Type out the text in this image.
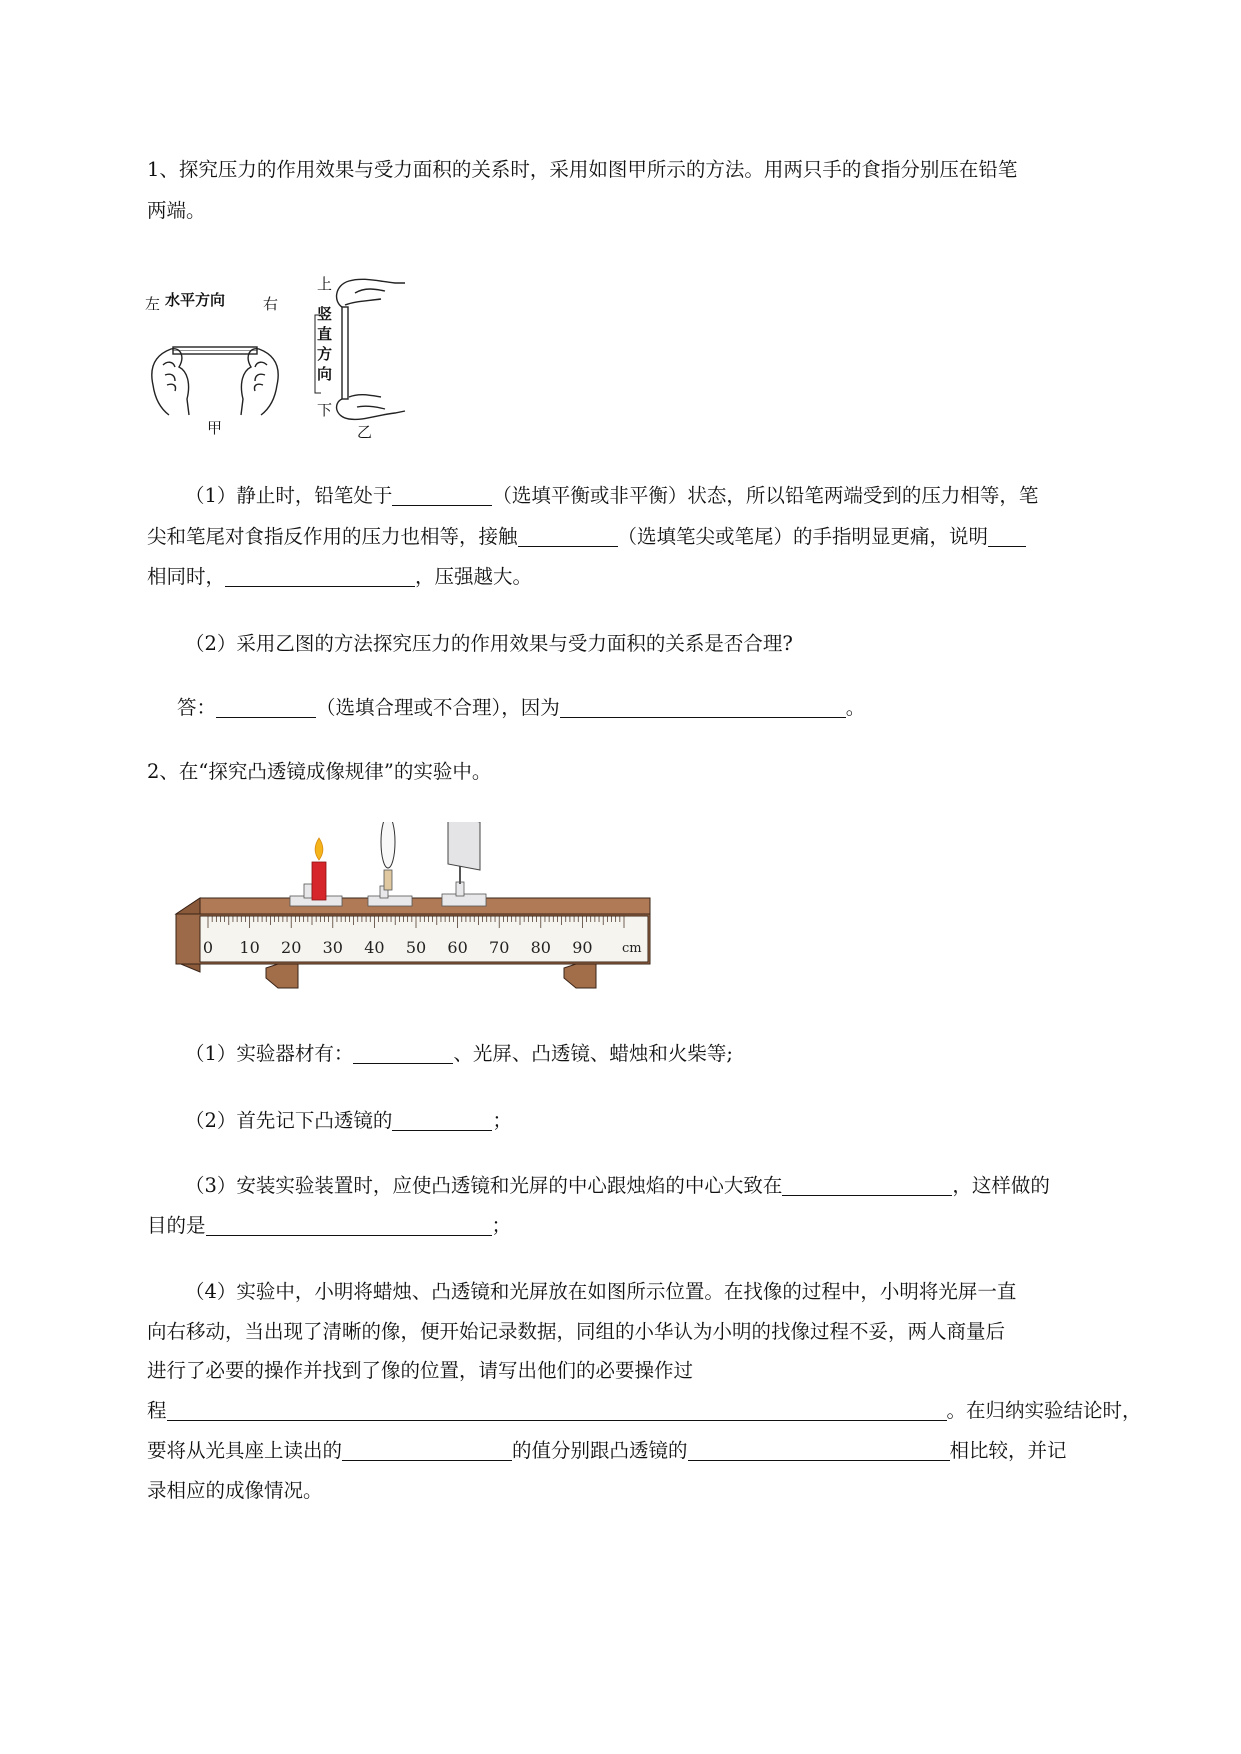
1、探究压力的作用效果与受力面积的关系时，采用如图甲所示的方法。用两只手的食指分别压在铅笔
两端。
左 水平方向	右
甲
上
竖
直
方
向
下
乙
（1）静止时，铅笔处于	（选填平衡或非平衡）状态，所以铅笔两端受到的压力相等，笔
尖和笔尾对食指反作用的压力也相等，接触	（选填笔尖或笔尾）的手指明显更痛，说明
相同时，	，压强越大。
（2）采用乙图的方法探究压力的作用效果与受力面积的关系是否合理?
答：	（选填合理或不合理），因为	。
2、在“探究凸透镜成像规律”的实验中。
0 10 20 30 40 50 60 70 80 90 cm
（1）实验器材有：	、光屏、凸透镜、蜡烛和火柴等;
（2）首先记下凸透镜的	；
（3）安装实验装置时，应使凸透镜和光屏的中心跟烛焰的中心大致在	，这样做的
目的是	；
（4）实验中，小明将蜡烛、凸透镜和光屏放在如图所示位置。在找像的过程中，小明将光屏一直
向右移动，当出现了清晰的像，便开始记录数据，同组的小华认为小明的找像过程不妥，两人商量后
进行了必要的操作并找到了像的位置，请写出他们的必要操作过
程	。在归纳实验结论时，
要将从光具座上读出的	的值分别跟凸透镜的	相比较，并记
录相应的成像情况。
